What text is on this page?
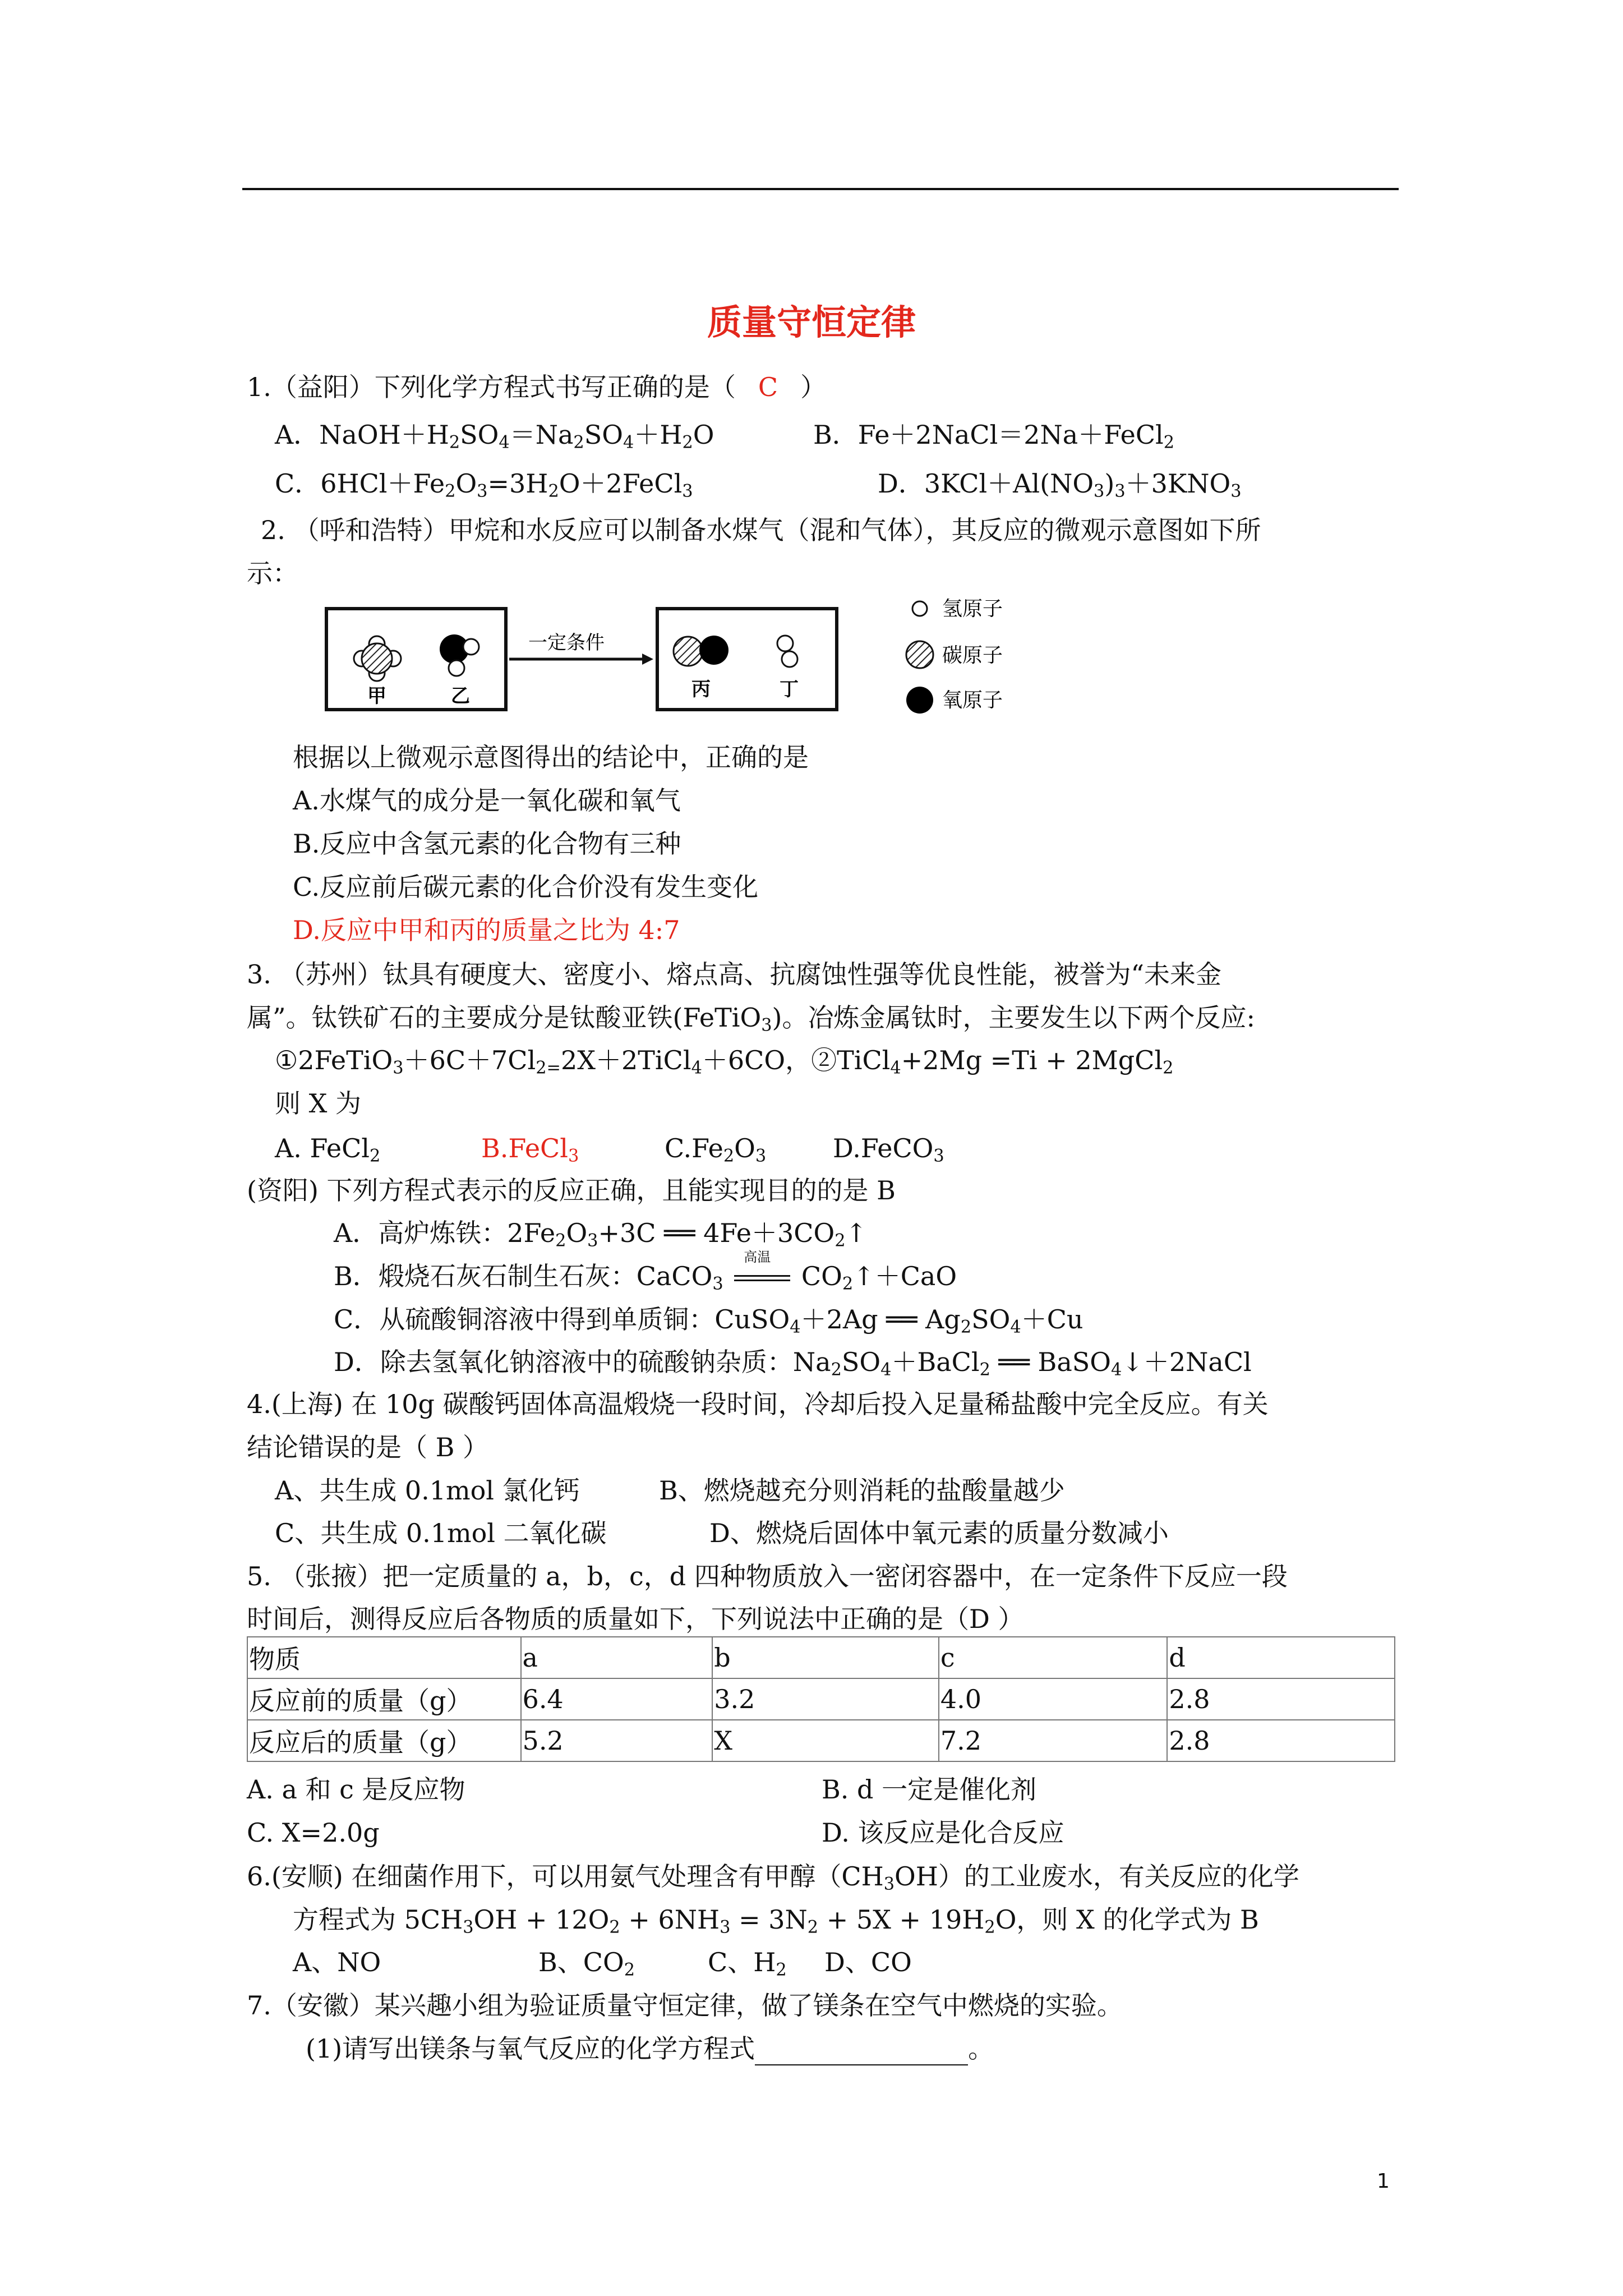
质量守恒定律
1.（益阳）下列化学方程式书写正确的是（ C ）
A．$NaOH+H_2SO_4=Na_2SO_4+H_2O$	B．Fe＋2NaCl＝2Na＋FeCl$_2$
C．$6HCl+Fe_2O_3=3H_2O+2FeCl_3$	D．$3KCl+Al(NO_3)_3+3KNO_3$
2. （呼和浩特）甲烷和水反应可以制备水煤气（混和气体），其反应的微观示意图如下所
示：
甲	乙
一定条件
丙	丁
氢原子
碳原子
氧原子
根据以上微观示意图得出的结论中，正确的是
A.水煤气的成分是一氧化碳和氧气
B.反应中含氢元素的化合物有三种
C.反应前后碳元素的化合价没有发生变化
D.反应中甲和丙的质量之比为 4:7
3. （苏州）钛具有硬度大、密度小、熔点高、抗腐蚀性强等优良性能，被誉为“未来金
属”。钛铁矿石的主要成分是钛酸亚铁(FeTiO$_3$)。冶炼金属钛时，主要发生以下两个反应:
$①2FeTiO_3+6C+7Cl_{2=}2X+2TiCl_4+6CO$，②TiCl$_4$+2Mg =Ti + 2MgCl$_2$
则 X 为
A. FeCl$_2$	B.FeCl$_3$	$C.Fe_2O_3$	D.FeCO$_3$
(资阳) 下列方程式表示的反应正确，且能实现目的的是 B
A．高炉炼铁：$2Fe_2O_3+3C$ ══ $4Fe+3CO_2↑$
B．煅烧石灰石制生石灰：CaCO$_3$
高温
$CO_2↑+CaO$
C．从硫酸铜溶液中得到单质铜：CuSO$_4$＋2Ag ══ $Ag_2SO_4+Cu$
D．除去氢氧化钠溶液中的硫酸钠杂质：$Na_2SO_4+BaCl_2$ ══ BaSO$_4$↓＋2NaCl
4.(上海) 在 10g 碳酸钙固体高温煅烧一段时间，冷却后投入足量稀盐酸中完全反应。有关
结论错误的是（ B ）
A、共生成 0.1mol 氯化钙	B、燃烧越充分则消耗的盐酸量越少
C、共生成 0.1mol 二氧化碳	D、燃烧后固体中氧元素的质量分数减小
5. （张掖）把一定质量的 a，b，c，d 四种物质放入一密闭容器中，在一定条件下反应一段
时间后，测得反应后各物质的质量如下，下列说法中正确的是（D ）
物质	a	b	c	d
反应前的质量（g）	6.4	3.2	4.0	2.8
反应后的质量（g）	5.2	X	7.2	2.8
A. a 和 c 是反应物	B. d 一定是催化剂
C. X=2.0g	D. 该反应是化合反应
6.(安顺) 在细菌作用下，可以用氨气处理含有甲醇$(CH_3OH)$的工业废水，有关反应的化学
方程式为 $5CH_3OH + 12O_2 + 6NH_3 = 3N_2 + 5X + 19H_2O$，则 X 的化学式为 B
A、NO	B、$CO_2$	C、$H_2$ D、CO
7.（安徽）某兴趣小组为验证质量守恒定律，做了镁条在空气中燃烧的实验。
(1)请写出镁条与氧气反应的化学方程式	。
1
